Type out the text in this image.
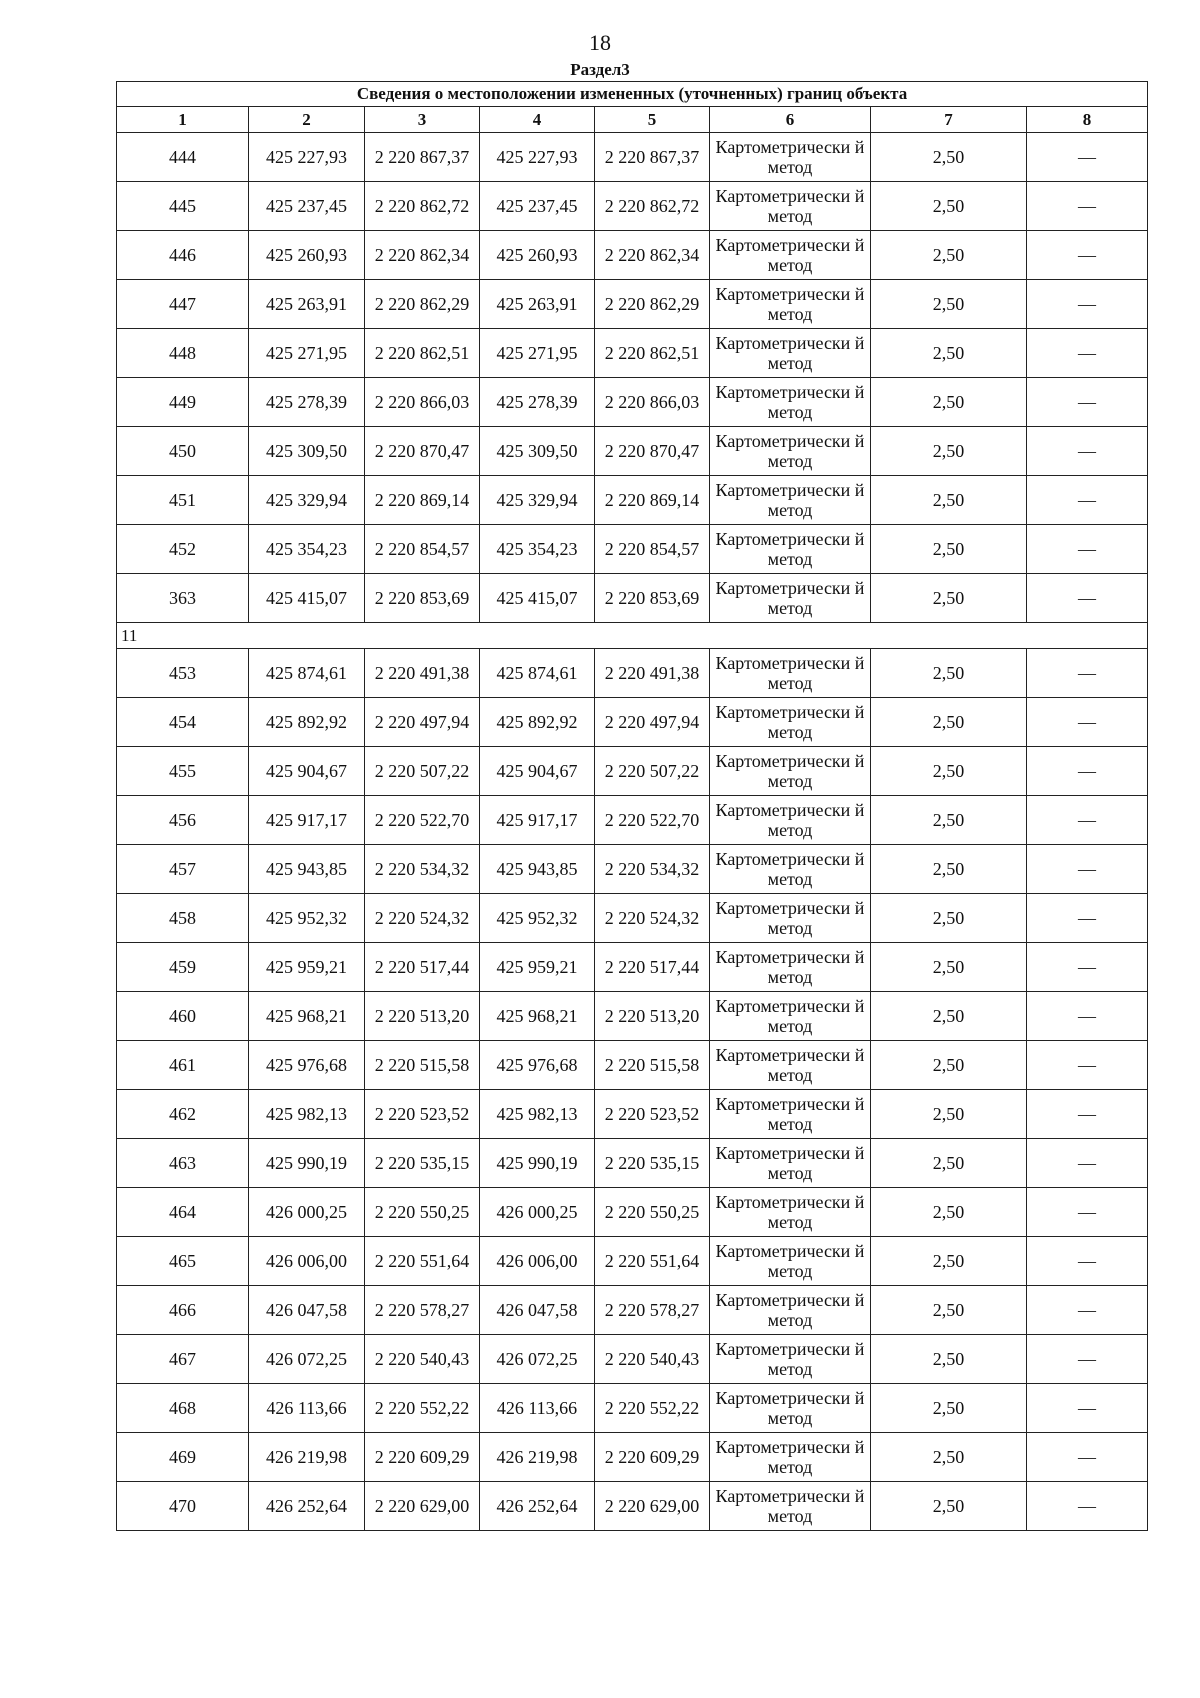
18
Раздел3
Сведения о местоположении измененных (уточненных) границ объекта							
1	2	3	4	5	6	7	8
444	425 227,93	2 220 867,37	425 227,93	2 220 867,37	Картометрически й метод	2,50	—
445	425 237,45	2 220 862,72	425 237,45	2 220 862,72	Картометрически й метод	2,50	—
446	425 260,93	2 220 862,34	425 260,93	2 220 862,34	Картометрически й метод	2,50	—
447	425 263,91	2 220 862,29	425 263,91	2 220 862,29	Картометрически й метод	2,50	—
448	425 271,95	2 220 862,51	425 271,95	2 220 862,51	Картометрически й метод	2,50	—
449	425 278,39	2 220 866,03	425 278,39	2 220 866,03	Картометрически й метод	2,50	—
450	425 309,50	2 220 870,47	425 309,50	2 220 870,47	Картометрически й метод	2,50	—
451	425 329,94	2 220 869,14	425 329,94	2 220 869,14	Картометрически й метод	2,50	—
452	425 354,23	2 220 854,57	425 354,23	2 220 854,57	Картометрически й метод	2,50	—
363	425 415,07	2 220 853,69	425 415,07	2 220 853,69	Картометрически й метод	2,50	—
11							
453	425 874,61	2 220 491,38	425 874,61	2 220 491,38	Картометрически й метод	2,50	—
454	425 892,92	2 220 497,94	425 892,92	2 220 497,94	Картометрически й метод	2,50	—
455	425 904,67	2 220 507,22	425 904,67	2 220 507,22	Картометрически й метод	2,50	—
456	425 917,17	2 220 522,70	425 917,17	2 220 522,70	Картометрически й метод	2,50	—
457	425 943,85	2 220 534,32	425 943,85	2 220 534,32	Картометрически й метод	2,50	—
458	425 952,32	2 220 524,32	425 952,32	2 220 524,32	Картометрически й метод	2,50	—
459	425 959,21	2 220 517,44	425 959,21	2 220 517,44	Картометрически й метод	2,50	—
460	425 968,21	2 220 513,20	425 968,21	2 220 513,20	Картометрически й метод	2,50	—
461	425 976,68	2 220 515,58	425 976,68	2 220 515,58	Картометрически й метод	2,50	—
462	425 982,13	2 220 523,52	425 982,13	2 220 523,52	Картометрически й метод	2,50	—
463	425 990,19	2 220 535,15	425 990,19	2 220 535,15	Картометрически й метод	2,50	—
464	426 000,25	2 220 550,25	426 000,25	2 220 550,25	Картометрически й метод	2,50	—
465	426 006,00	2 220 551,64	426 006,00	2 220 551,64	Картометрически й метод	2,50	—
466	426 047,58	2 220 578,27	426 047,58	2 220 578,27	Картометрически й метод	2,50	—
467	426 072,25	2 220 540,43	426 072,25	2 220 540,43	Картометрически й метод	2,50	—
468	426 113,66	2 220 552,22	426 113,66	2 220 552,22	Картометрически й метод	2,50	—
469	426 219,98	2 220 609,29	426 219,98	2 220 609,29	Картометрически й метод	2,50	—
470	426 252,64	2 220 629,00	426 252,64	2 220 629,00	Картометрически й метод	2,50	—
